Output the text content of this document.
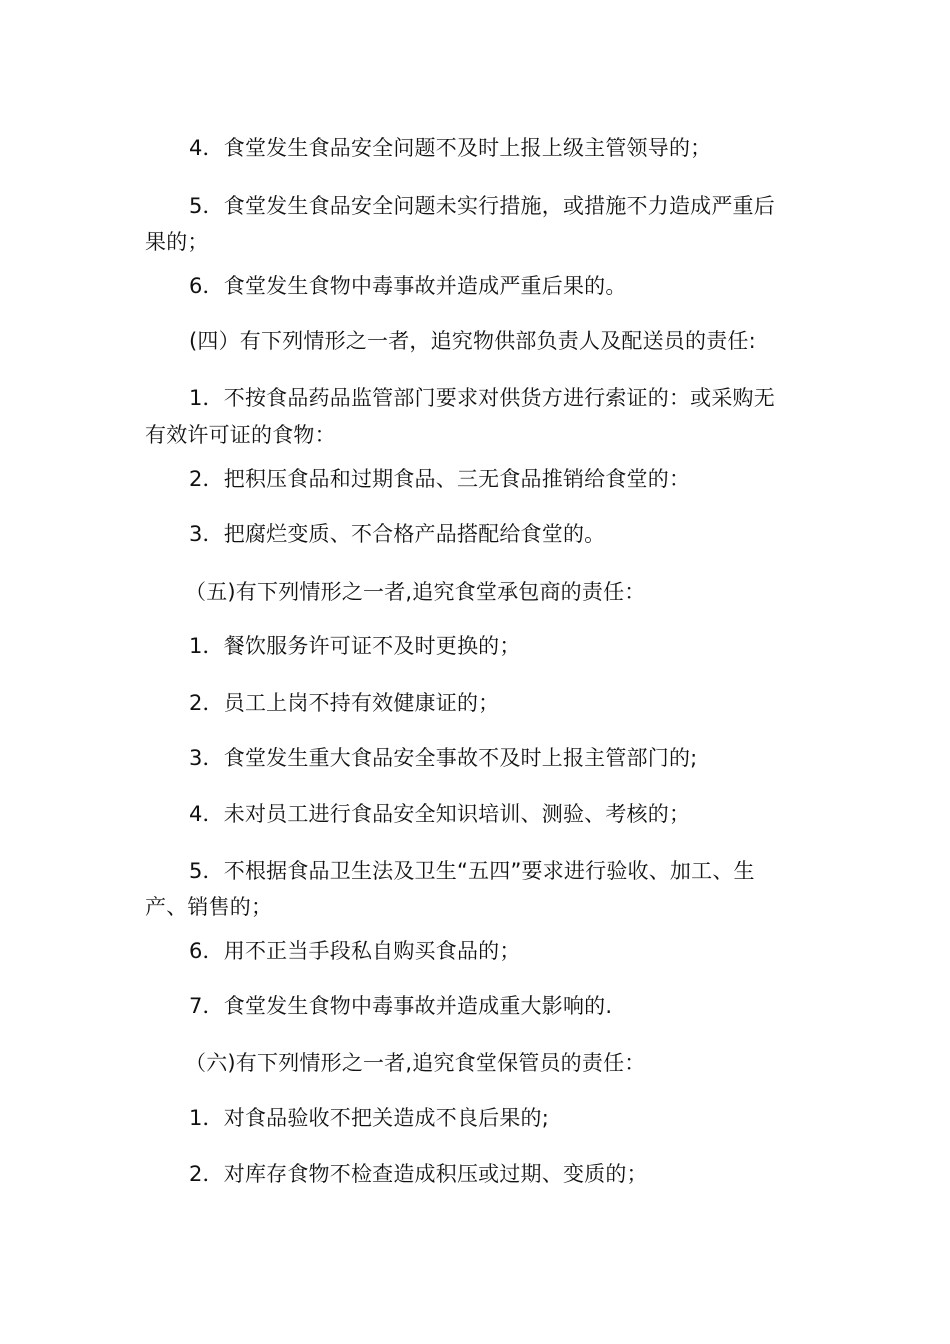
4．食堂发生食品安全问题不及时上报上级主管领导的；
5．食堂发生食品安全问题未实行措施，或措施不力造成严重后
果的；
6．食堂发生食物中毒事故并造成严重后果的。
(四）有下列情形之一者，追究物供部负责人及配送员的责任:
1．不按食品药品监管部门要求对供货方进行索证的：或采购无
有效许可证的食物：
2．把积压食品和过期食品、三无食品推销给食堂的：
3．把腐烂变质、不合格产品搭配给食堂的。
（五)有下列情形之一者,追究食堂承包商的责任：
1．餐饮服务许可证不及时更换的；
2．员工上岗不持有效健康证的；
3．食堂发生重大食品安全事故不及时上报主管部门的;
4．未对员工进行食品安全知识培训、测验、考核的；
5．不根据食品卫生法及卫生“五四”要求进行验收、加工、生
产、销售的；
6．用不正当手段私自购买食品的；
7．食堂发生食物中毒事故并造成重大影响的.
（六)有下列情形之一者,追究食堂保管员的责任：
1．对食品验收不把关造成不良后果的;
2．对库存食物不检查造成积压或过期、变质的；
